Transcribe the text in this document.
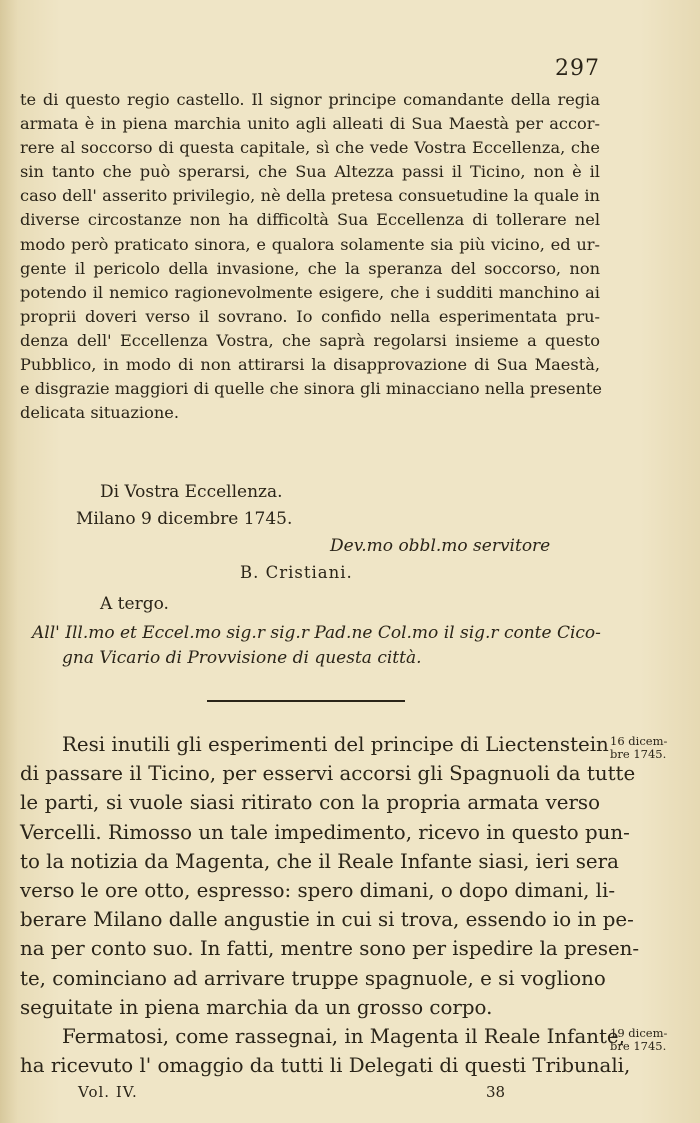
297
te di questo regio castello. Il signor principe comandante della regia
armata è in piena marchia unito agli alleati di Sua Maestà per accor-
rere al soccorso di questa capitale, sì che vede Vostra Eccellenza, che
sin tanto che può sperarsi, che Sua Altezza passi il Ticino, non è il
caso dell' asserito privilegio, nè della pretesa consuetudine la quale in
diverse circostanze non ha difficoltà Sua Eccellenza di tollerare nel
modo però praticato sinora, e qualora solamente sia più vicino, ed ur-
gente il pericolo della invasione, che la speranza del soccorso, non
potendo il nemico ragionevolmente esigere, che i sudditi manchino ai
proprii doveri verso il sovrano. Io confido nella esperimentata pru-
denza dell' Eccellenza Vostra, che saprà regolarsi insieme a questo
Pubblico, in modo di non attirarsi la disapprovazione di Sua Maestà,
e disgrazie maggiori di quelle che sinora gli minacciano nella presente
delicata situazione.
Di Vostra Eccellenza.
Milano 9 dicembre 1745.
Dev.mo obbl.mo servitore
B. Cristiani.
A tergo.
All' Ill.mo et Eccel.mo sig.r sig.r Pad.ne Col.mo il sig.r conte Cico-
gna Vicario di Provvisione di questa città.
Resi inutili gli esperimenti del principe di Liectenstein
di passare il Ticino, per esservi accorsi gli Spagnuoli da tutte
le parti, si vuole siasi ritirato con la propria armata verso
Vercelli. Rimosso un tale impedimento, ricevo in questo pun-
to la notizia da Magenta, che il Reale Infante siasi, ieri sera
verso le ore otto, espresso: spero dimani, o dopo dimani, li-
berare Milano dalle angustie in cui si trova, essendo io in pe-
na per conto suo. In fatti, mentre sono per ispedire la presen-
te, cominciano ad arrivare truppe spagnuole, e si vogliono
seguitate in piena marchia da un grosso corpo.
Fermatosi, come rassegnai, in Magenta il Reale Infante,
ha ricevuto l' omaggio da tutti li Delegati di questi Tribunali,
16 dicem-
bre 1745.
19 dicem-
bre 1745.
Vol. IV.	38
